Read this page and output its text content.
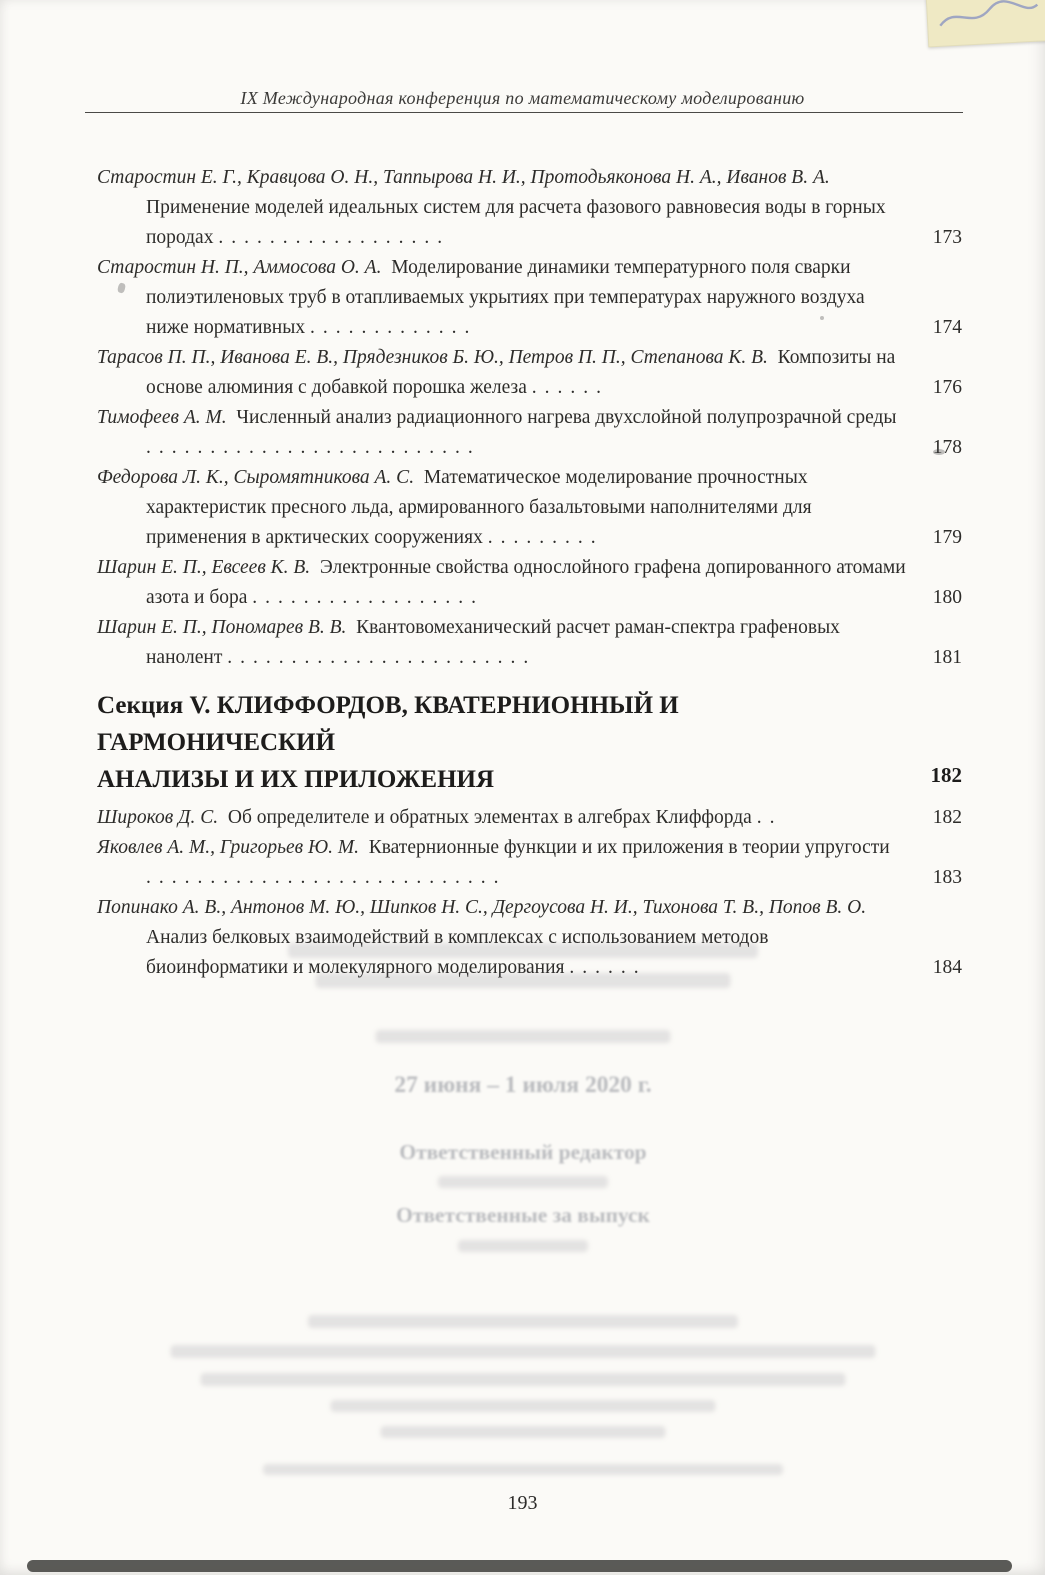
IX Международная конференция по математическому моделированию

Старостин Е. Г., Кравцова О. Н., Таппырова Н. И., Протодьяконова Н. А., Иванов В. А.  Применение моделей идеальных систем для расчета фазового равновесия воды в горных породах ..................	173

Старостин Н. П., Аммосова О. А.  Моделирование динамики температурного поля сварки полиэтиленовых труб в отапливаемых укрытиях при температурах наружного воздуха ниже нормативных .............	174

Тарасов П. П., Иванова Е. В., Прядезников Б. Ю., Петров П. П., Степанова К. В.  Композиты на основе алюминия с добавкой порошка железа ......	176

Тимофеев А. М.  Численный анализ радиационного нагрева двухслойной полупрозрачной среды ..........................	178

Федорова Л. К., Сыромятникова А. С.  Математическое моделирование прочностных характеристик пресного льда, армированного базальтовыми наполнителями для применения в арктических сооружениях .........	179

Шарин Е. П., Евсеев К. В.  Электронные свойства однослойного графена допированного атомами азота и бора ..................	180

Шарин Е. П., Пономарев В. В.  Квантовомеханический расчет раман-спектра графеновых нанолент ........................	181

Секция V. КЛИФФОРДОВ, КВАТЕРНИОННЫЙ И ГАРМОНИЧЕСКИЙ
АНАЛИЗЫ И ИХ ПРИЛОЖЕНИЯ	182

Широков Д. С.  Об определителе и обратных элементах в алгебрах Клиффорда ..	182

Яковлев А. М., Григорьев Ю. М.  Кватернионные функции и их приложения в теории упругости ............................	183

Попинако А. В., Антонов М. Ю., Шипков Н. С., Дергоусова Н. И., Тихонова Т. В., Попов В. О.  Анализ белковых взаимодействий в комплексах с использованием методов биоинформатики и молекулярного моделирования ......	184

27 июня – 1 июля 2020 г.
Ответственный редактор
Ответственные за выпуск
193
